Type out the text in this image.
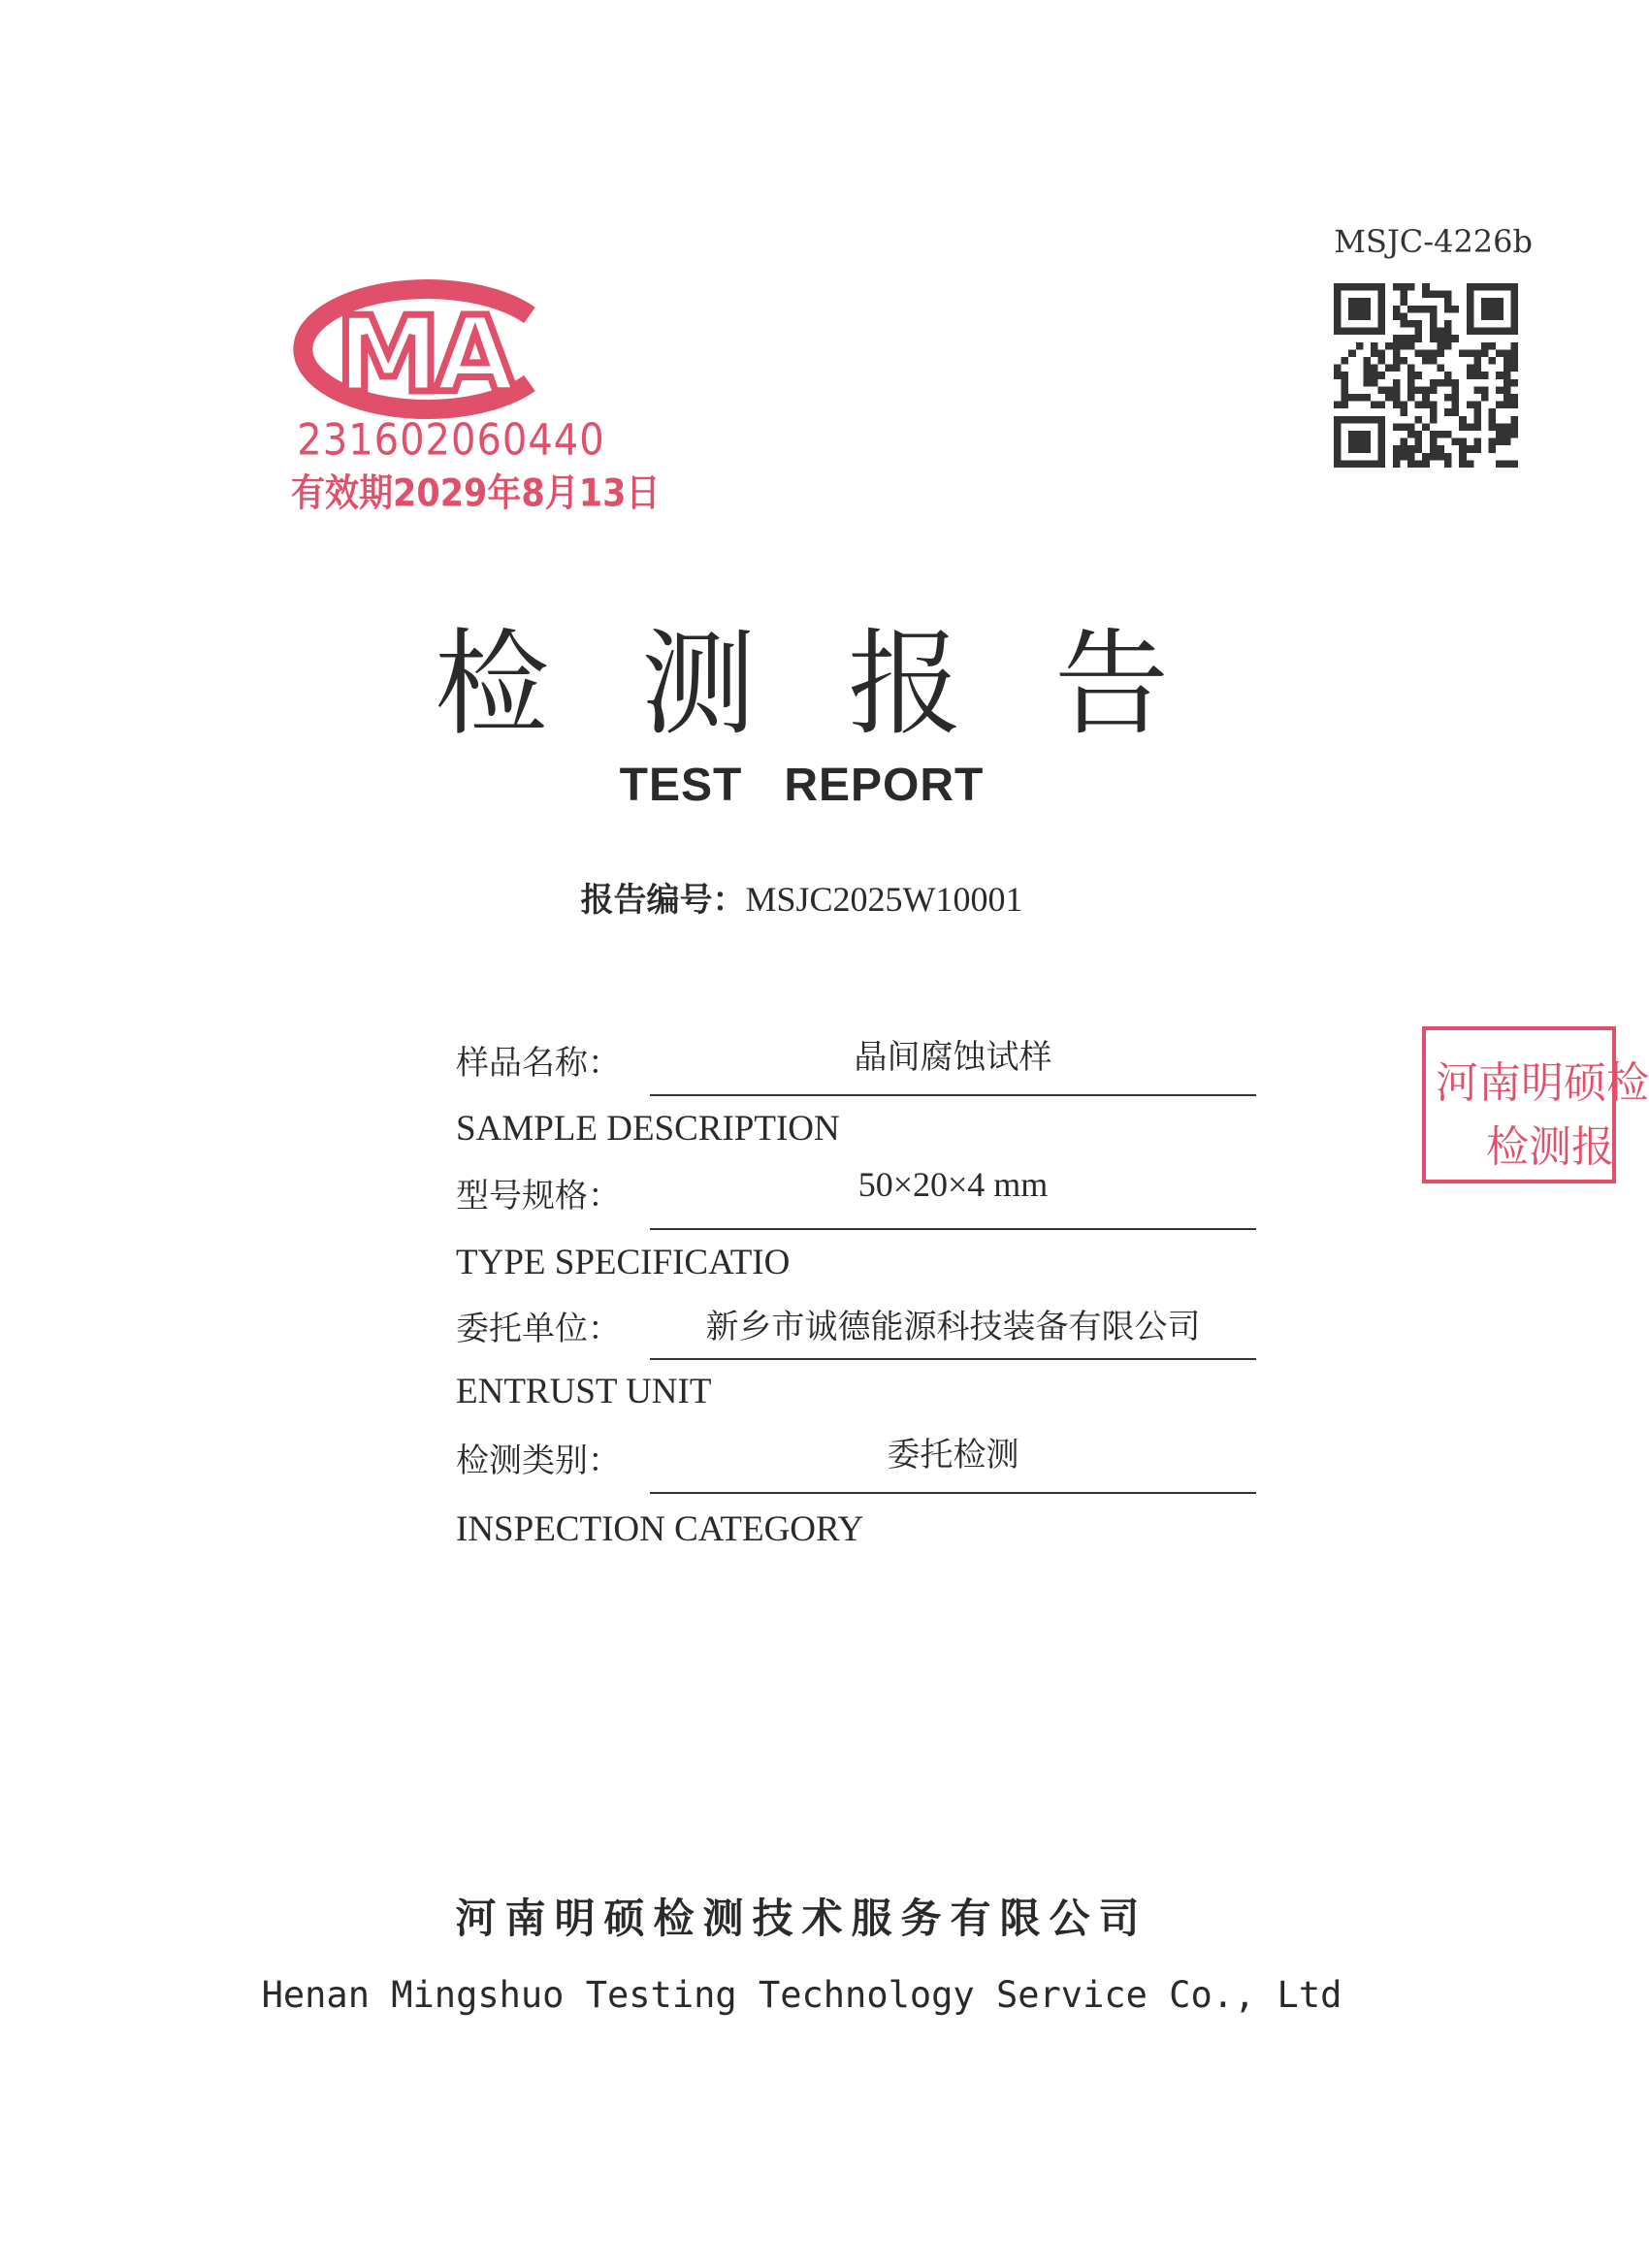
MA
231602060440
有效期2029年8月13日
MSJC-4226b
检测报告
TEST   REPORT
报告编号：MSJC2025W10001
样品名称：	晶间腐蚀试样
SAMPLE DESCRIPTION
型号规格：	50×20×4 mm
TYPE SPECIFICATIO
委托单位：	新乡市诚德能源科技装备有限公司
ENTRUST UNIT
检测类别：	委托检测
INSPECTION CATEGORY
河南明硕检
检测报
河南明硕检测技术服务有限公司
Henan Mingshuo Testing Technology Service Co., Ltd
